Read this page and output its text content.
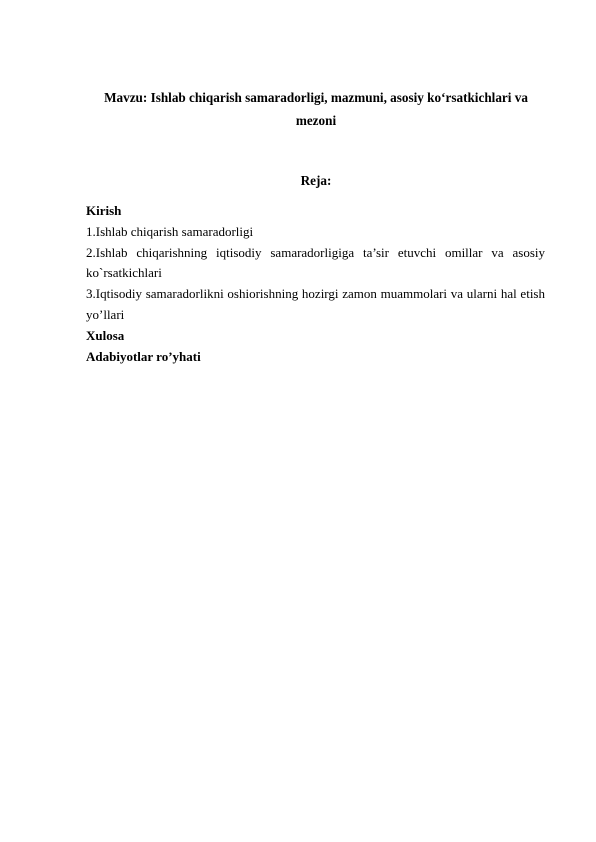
Mavzu: Ishlab chiqarish samaradorligi, mazmuni, asosiy ko‘rsatkichlari va mezoni
Reja:
Kirish
1.Ishlab chiqarish samaradorligi
2.Ishlab chiqarishning iqtisodiy samaradorligiga ta’sir etuvchi omillar va asosiy ko`rsatkichlari
3.Iqtisodiy samaradorlikni oshiorishning hozirgi zamon muammolari va ularni hal etish yo’llari
Xulosa
Adabiyotlar ro’yhati
